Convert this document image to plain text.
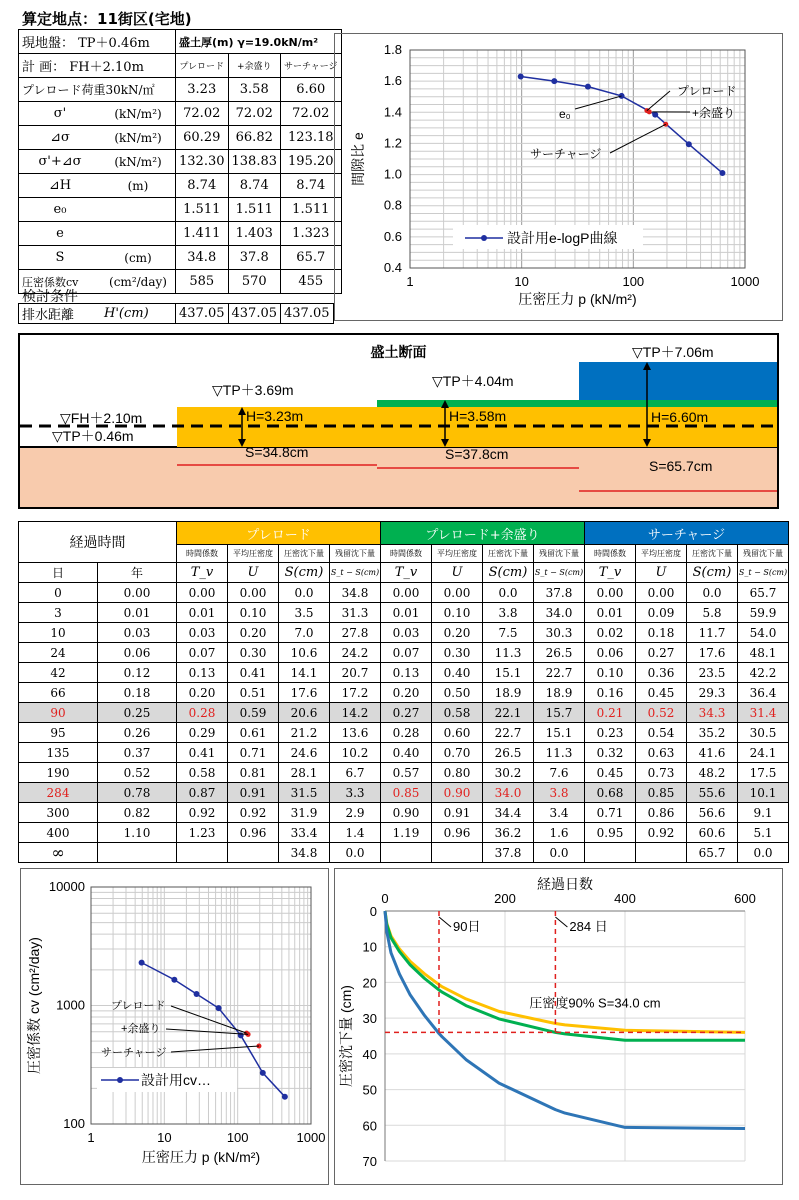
算定地点：11街区(宅地)
現地盤： TP＋0.46m		盛土厚(m) γ=19.0kN/m²		
計 画： FH＋2.10m		プレロード	+余盛り	サーチャージ
プレロード荷重30kN/㎡		3.23	3.58	6.60
σ'	(kN/m²)	72.02	72.02	72.02
⊿σ	(kN/m²)	60.29	66.82	123.18
σ'+⊿σ	(kN/m²)	132.30	138.83	195.20
⊿H	(m)	8.74	8.74	8.74
e₀		1.511	1.511	1.511
e		1.411	1.403	1.323
S	(cm)	34.8	37.8	65.7
圧密係数cv	(cm²/day)	585	570	455
検討条件
排水距離	H'(cm)	437.05	437.05	437.05
0.4
0.6
0.8
1.0
1.2
1.4
1.6
1.8
1	10	100	1000
圧密圧力 p (kN/m²)
間隙比 e
e₀
プレロード
+余盛り
サーチャージ
設計用e-logP曲線
盛土断面
▽FH＋2.10m
▽TP＋0.46m
▽TP＋3.69m
H=3.23m
S=34.8cm
▽TP＋4.04m
H=3.58m
S=37.8cm
▽TP＋7.06m
H=6.60m
S=65.7cm
経過時間		プレロード				プレロード+余盛り				サーチャージ			
		時間係数	平均圧密度	圧密沈下量	残留沈下量	時間係数	平均圧密度	圧密沈下量	残留沈下量	時間係数	平均圧密度	圧密沈下量	残留沈下量
日	年	T_v	U	S(cm)	S_t − S(cm)	T_v	U	S(cm)	S_t − S(cm)	T_v	U	S(cm)	S_t − S(cm)
0	0.00	0.00	0.00	0.0	34.8	0.00	0.00	0.0	37.8	0.00	0.00	0.0	65.7
3	0.01	0.01	0.10	3.5	31.3	0.01	0.10	3.8	34.0	0.01	0.09	5.8	59.9
10	0.03	0.03	0.20	7.0	27.8	0.03	0.20	7.5	30.3	0.02	0.18	11.7	54.0
24	0.06	0.07	0.30	10.6	24.2	0.07	0.30	11.3	26.5	0.06	0.27	17.6	48.1
42	0.12	0.13	0.41	14.1	20.7	0.13	0.40	15.1	22.7	0.10	0.36	23.5	42.2
66	0.18	0.20	0.51	17.6	17.2	0.20	0.50	18.9	18.9	0.16	0.45	29.3	36.4
90	0.25	0.28	0.59	20.6	14.2	0.27	0.58	22.1	15.7	0.21	0.52	34.3	31.4
95	0.26	0.29	0.61	21.2	13.6	0.28	0.60	22.7	15.1	0.23	0.54	35.2	30.5
135	0.37	0.41	0.71	24.6	10.2	0.40	0.70	26.5	11.3	0.32	0.63	41.6	24.1
190	0.52	0.58	0.81	28.1	6.7	0.57	0.80	30.2	7.6	0.45	0.73	48.2	17.5
284	0.78	0.87	0.91	31.5	3.3	0.85	0.90	34.0	3.8	0.68	0.85	55.6	10.1
300	0.82	0.92	0.92	31.9	2.9	0.90	0.91	34.4	3.4	0.71	0.86	56.6	9.1
400	1.10	1.23	0.96	33.4	1.4	1.19	0.96	36.2	1.6	0.95	0.92	60.6	5.1
∞				34.8	0.0			37.8	0.0			65.7	0.0
100
1000
10000
1	10	100	1000
圧密圧力 p (kN/m²)
圧密係数 cv (cm²/day)	プレロード
+余盛り
サーチャージ
設計用cv…
0	200	400	600
0
10
20
30
40
50
60
70
経過日数
圧密沈下量 (cm)
90日	284 日
圧密度90% S=34.0 cm
